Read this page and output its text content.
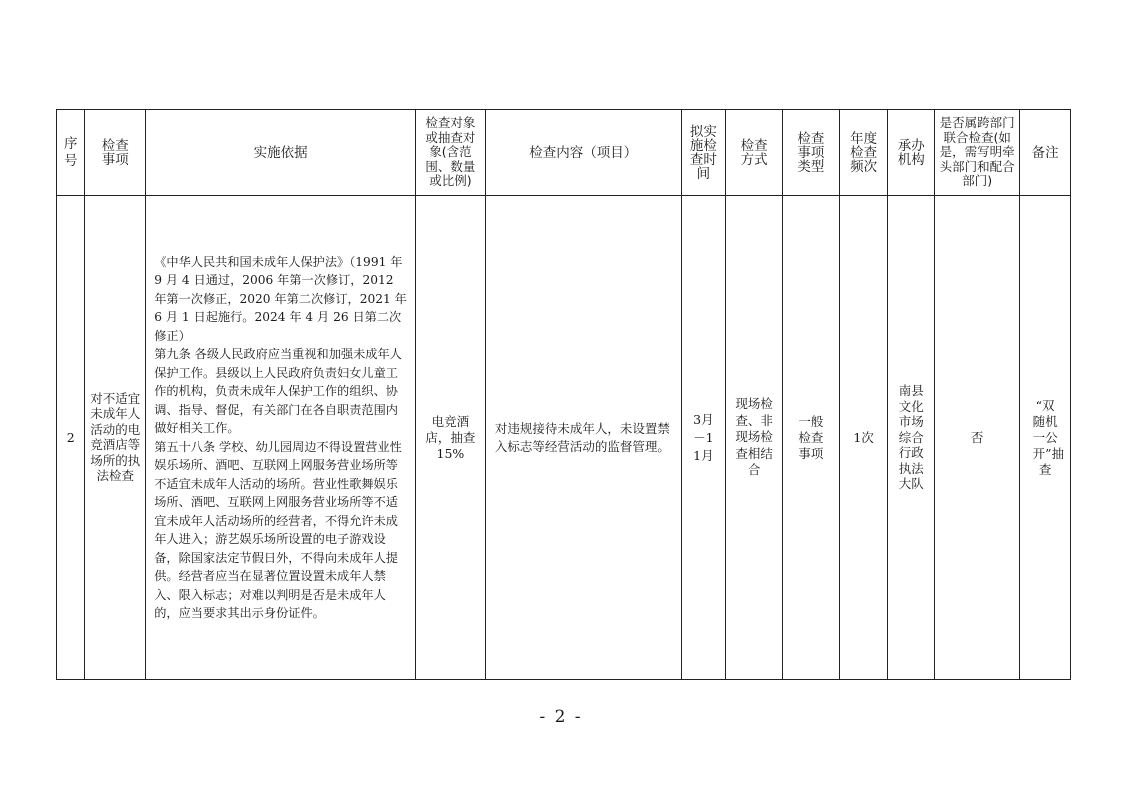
序号	检查事项	实施依据	检查对象或抽查对象(含范围、数量或比例)	检查内容（项目）	拟实施检查时间	检查方式	检查事项类型	年度检查频次	承办机构	是否属跨部门联合检查(如是，需写明牵头部门和配合部门)	备注
2	对不适宜未成年人活动的电竞酒店等场所的执法检查	《中华人民共和国未成年人保护法》（1991 年 9 月 4 日通过，2006 年第一次修订，2012 年第一次修正，2020 年第二次修订，2021 年 6 月 1 日起施行。2024 年 4 月 26 日第二次修正）
第九条 各级人民政府应当重视和加强未成年人保护工作。县级以上人民政府负责妇女儿童工作的机构，负责未成年人保护工作的组织、协调、指导、督促，有关部门在各自职责范围内做好相关工作。
第五十八条 学校、幼儿园周边不得设置营业性娱乐场所、酒吧、互联网上网服务营业场所等不适宜未成年人活动的场所。营业性歌舞娱乐场所、酒吧、互联网上网服务营业场所等不适宜未成年人活动场所的经营者，不得允许未成年人进入；游艺娱乐场所设置的电子游戏设备，除国家法定节假日外，不得向未成年人提供。经营者应当在显著位置设置未成年人禁入、限入标志；对难以判明是否是未成年人的，应当要求其出示身份证件。	电竞酒店，抽查 15%	对违规接待未成年人，未设置禁入标志等经营活动的监督管理。	3月－11月	现场检查、非现场检查相结合	一般检查事项	1次	南县文化市场综合行政执法大队	否	“双随机一公开”抽查
- 2 -
